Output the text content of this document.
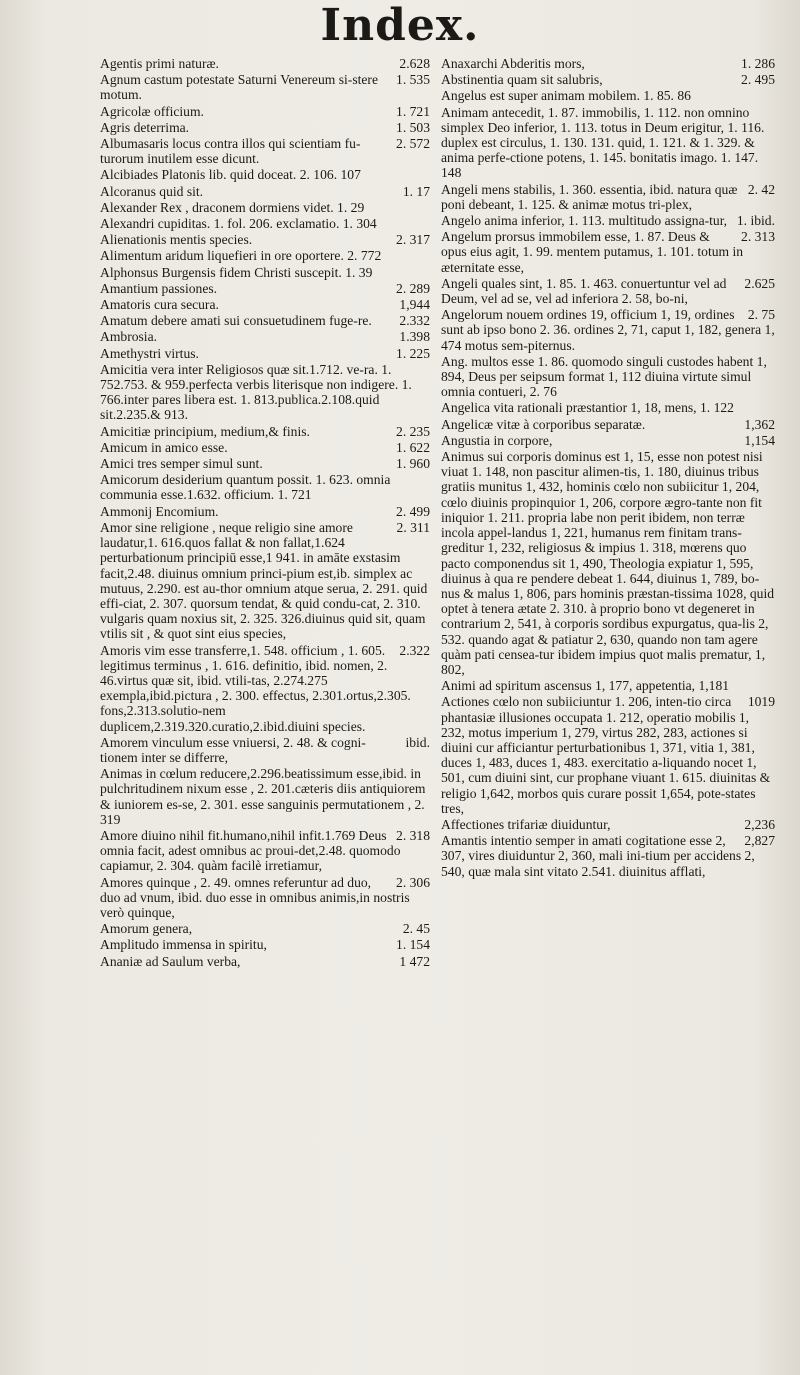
Index.
2.628
Agentis primi naturæ.
1. 535
Agnum castum potestate Saturni Venereum si-stere motum.
1. 721
Agricolæ officium.
1. 503
Agris deterrima.
2. 572
Albumasaris locus contra illos qui scientiam fu-turorum inutilem esse dicunt.
Alcibiades Platonis lib. quid doceat. 2. 106. 107
1. 17
Alcoranus quid sit.
Alexander Rex , draconem dormiens videt. 1. 29
Alexandri cupiditas. 1. fol. 206. exclamatio. 1. 304
2. 317
Alienationis mentis species.
Alimentum aridum liquefieri in ore oportere. 2. 772
Alphonsus Burgensis fidem Christi suscepit. 1. 39
2. 289
Amantium passiones.
1,944
Amatoris cura secura.
2.332
Amatum debere amati sui consuetudinem fuge-re.
1.398
Ambrosia.
1. 225
Amethystri virtus.
Amicitia vera inter Religiosos quæ sit.1.712. ve-ra. 1. 752.753. & 959.perfecta verbis literisque non indigere. 1. 766.inter pares libera est. 1. 813.publica.2.108.quid sit.2.235.& 913.
2. 235
Amicitiæ principium, medium,& finis.
1. 622
Amicum in amico esse.
1. 960
Amici tres semper simul sunt.
Amicorum desiderium quantum possit. 1. 623. omnia communia esse.1.632. officium. 1. 721
2. 499
Ammonij Encomium.
2. 311
Amor sine religione , neque religio sine amore laudatur,1. 616.quos fallat & non fallat,1.624 perturbationum principiū esse,1 941. in amāte exstasim facit,2.48. diuinus omnium princi-pium est,ib. simplex ac mutuus, 2.290. est au-thor omnium atque serua, 2. 291. quid effi-ciat, 2. 307. quorsum tendat, & quid condu-cat, 2. 310. vulgaris quam noxius sit, 2. 325. 326.diuinus quid sit, quam vtilis sit , & quot sint eius species,
2.322
Amoris vim esse transferre,1. 548. officium , 1. 605. legitimus terminus , 1. 616. definitio, ibid. nomen, 2. 46.virtus quæ sit, ibid. vtili-tas, 2.274.275 exempla,ibid.pictura , 2. 300. effectus, 2.301.ortus,2.305. fons,2.313.solutio-nem duplicem,2.319.320.curatio,2.ibid.diuini species.
ibid.
Amorem vinculum esse vniuersi, 2. 48. & cogni-tionem inter se differre,
Animas in cœlum reducere,2.296.beatissimum esse,ibid. in pulchritudinem nixum esse , 2. 201.cæteris diis antiquiorem & iuniorem es-se, 2. 301. esse sanguinis permutationem , 2. 319
2. 318
Amore diuino nihil fit.humano,nihil infit.1.769 Deus omnia facit, adest omnibus ac proui-det,2.48. quomodo capiamur, 2. 304. quàm facilè irretiamur,
2. 306
Amores quinque , 2. 49. omnes referuntur ad duo, duo ad vnum, ibid. duo esse in omnibus animis,in nostris verò quinque,
2. 45
Amorum genera,
1. 154
Amplitudo immensa in spiritu,
1 472
Ananiæ ad Saulum verba,
1. 286
Anaxarchi Abderitis mors,
2. 495
Abstinentia quam sit salubris,
Angelus est super animam mobilem. 1. 85. 86
Animam antecedit, 1. 87. immobilis, 1. 112. non omnino simplex Deo inferior, 1. 113. totus in Deum erigitur, 1. 116. duplex est circulus, 1. 130. 131. quid, 1. 121. & 1. 329. & anima perfe-ctione potens, 1. 145. bonitatis imago. 1. 147. 148
2. 42
Angeli mens stabilis, 1. 360. essentia, ibid. natura quæ poni debeant, 1. 125. & animæ motus tri-plex,
1. ibid.
Angelo anima inferior, 1. 113. multitudo assigna-tur,
2. 313
Angelum prorsus immobilem esse, 1. 87. Deus & opus eius agit, 1. 99. mentem putamus, 1. 101. totum in æternitate esse,
2.625
Angeli quales sint, 1. 85. 1. 463. conuertuntur vel ad Deum, vel ad se, vel ad inferiora 2. 58, bo-ni,
2. 75
Angelorum nouem ordines 19, officium 1, 19, ordines sunt ab ipso bono 2. 36. ordines 2, 71, caput 1, 182, genera 1, 474 motus sem-piternus.
Ang. multos esse 1. 86. quomodo singuli custodes habent 1, 894, Deus per seipsum format 1, 112 diuina virtute simul omnia contueri, 2. 76
Angelica vita rationali præstantior 1, 18, mens, 1. 122
1,362
Angelicæ vitæ à corporibus separatæ.
1,154
Angustia in corpore,
Animus sui corporis dominus est 1, 15, esse non potest nisi viuat 1. 148, non pascitur alimen-tis, 1. 180, diuinus tribus gratiis munitus 1, 432, hominis cœlo non subiicitur 1, 204, cœlo diuinis propinquior 1, 206, corpore ægro-tante non fit iniquior 1. 211. propria labe non perit ibidem, non terræ incola appel-landus 1, 221, humanus rem finitam trans-greditur 1, 232, religiosus & impius 1. 318, mœrens quo pacto componendus sit 1, 490, Theologia expiatur 1, 595, diuinus à qua re pendere debeat 1. 644, diuinus 1, 789, bo-nus & malus 1, 806, pars hominis præstan-tissima 1028, quid optet à tenera ætate 2. 310. à proprio bono vt degeneret in contrarium 2, 541, à corporis sordibus expurgatus, qua-lis 2, 532. quando agat & patiatur 2, 630, quando non tam agere quàm pati censea-tur ibidem impius quot malis prematur, 1, 802,
Animi ad spiritum ascensus 1, 177, appetentia, 1,181
1019
Actiones cœlo non subiiciuntur 1. 206, inten-tio circa phantasiæ illusiones occupata 1. 212, operatio mobilis 1, 232, motus imperium 1, 279, virtus 282, 283, actiones si diuini cur afficiantur perturbationibus 1, 371, vitia 1, 381, duces 1, 483, duces 1, 483. exercitatio a-liquando nocet 1, 501, cum diuini sint, cur prophane viuant 1. 615. diuinitas & religio 1,642, morbos quis curare possit 1,654, pote-states tres,
2,236
Affectiones trifariæ diuiduntur,
2,827
Amantis intentio semper in amati cogitatione esse 2, 307, vires diuiduntur 2, 360, mali ini-tium per accidens 2, 540, quæ mala sint vitato 2.541. diuinitus afflati,
